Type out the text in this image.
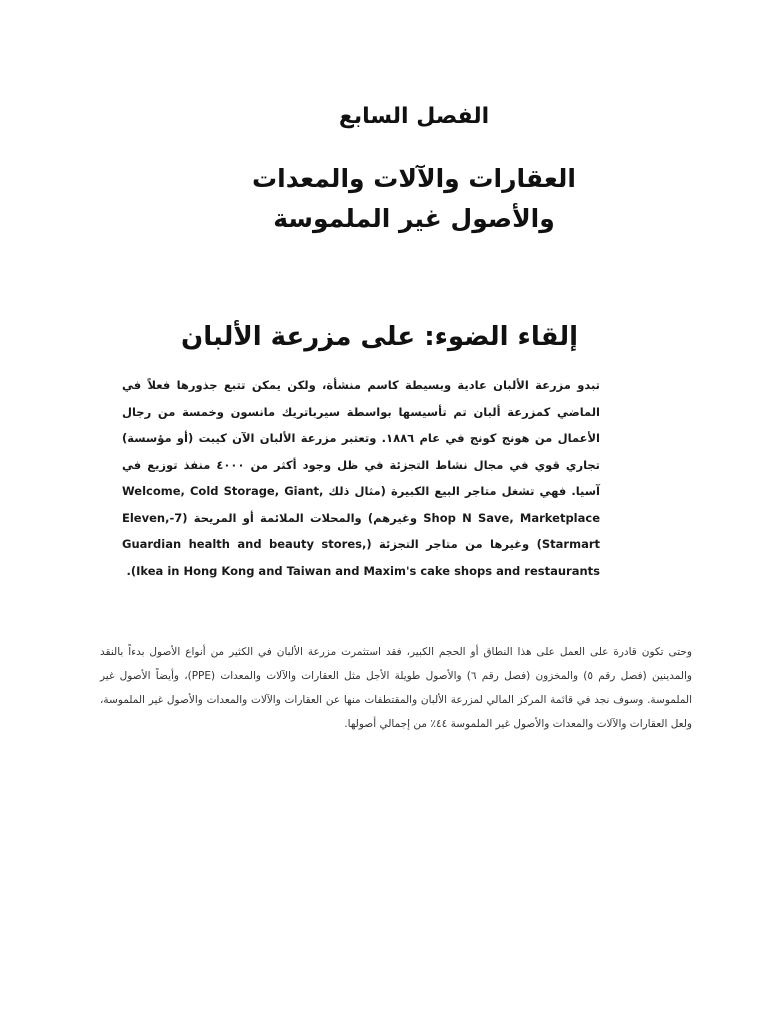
الفصل السابع
العقارات والآلات والمعدات
والأصول غير الملموسة
إلقاء الضوء: على مزرعة الألبان
تبدو مزرعة الألبان عادية وبسيطة كاسم منشأة، ولكن يمكن تتبع جذورها فعلاً في الماضي كمزرعة ألبان تم تأسيسها بواسطة سيرباتريك مانسون وخمسة من رجال الأعمال من هونج كونج في عام ١٨٨٦. وتعتبر مزرعة الألبان الآن كيبت (أو مؤسسة) تجاري قوي في مجال نشاط التجزئة في ظل وجود أكثر من ٤٠٠٠ منفذ توزيع في آسيا. فهي تشغل متاجر البيع الكبيرة (مثال ذلك Welcome, Cold Storage, Giant, Shop N Save, Marketplace وغيرهم) والمحلات الملائمة أو المريحة (7-Eleven, Starmart) وغيرها من متاجر التجزئة (Guardian health and beauty stores, Ikea in Hong Kong and Taiwan and Maxim's cake shops and restaurants).
وحتى تكون قادرة على العمل على هذا النطاق أو الحجم الكبير، فقد استثمرت مزرعة الألبان في الكثير من أنواع الأصول بدءاً بالنقد والمدينين (فصل رقم ٥) والمخزون (فصل رقم ٦) والأصول طويلة الأجل مثل العقارات والآلات والمعدات (PPE)، وأيضاً الأصول غير الملموسة. وسوف نجد في قائمة المركز المالي لمزرعة الألبان والمقتطفات منها عن العقارات والآلات والمعدات والأصول غير الملموسة، ولعل العقارات والآلات والمعدات والأصول غير الملموسة ٤٤٪ من إجمالي أصولها.
